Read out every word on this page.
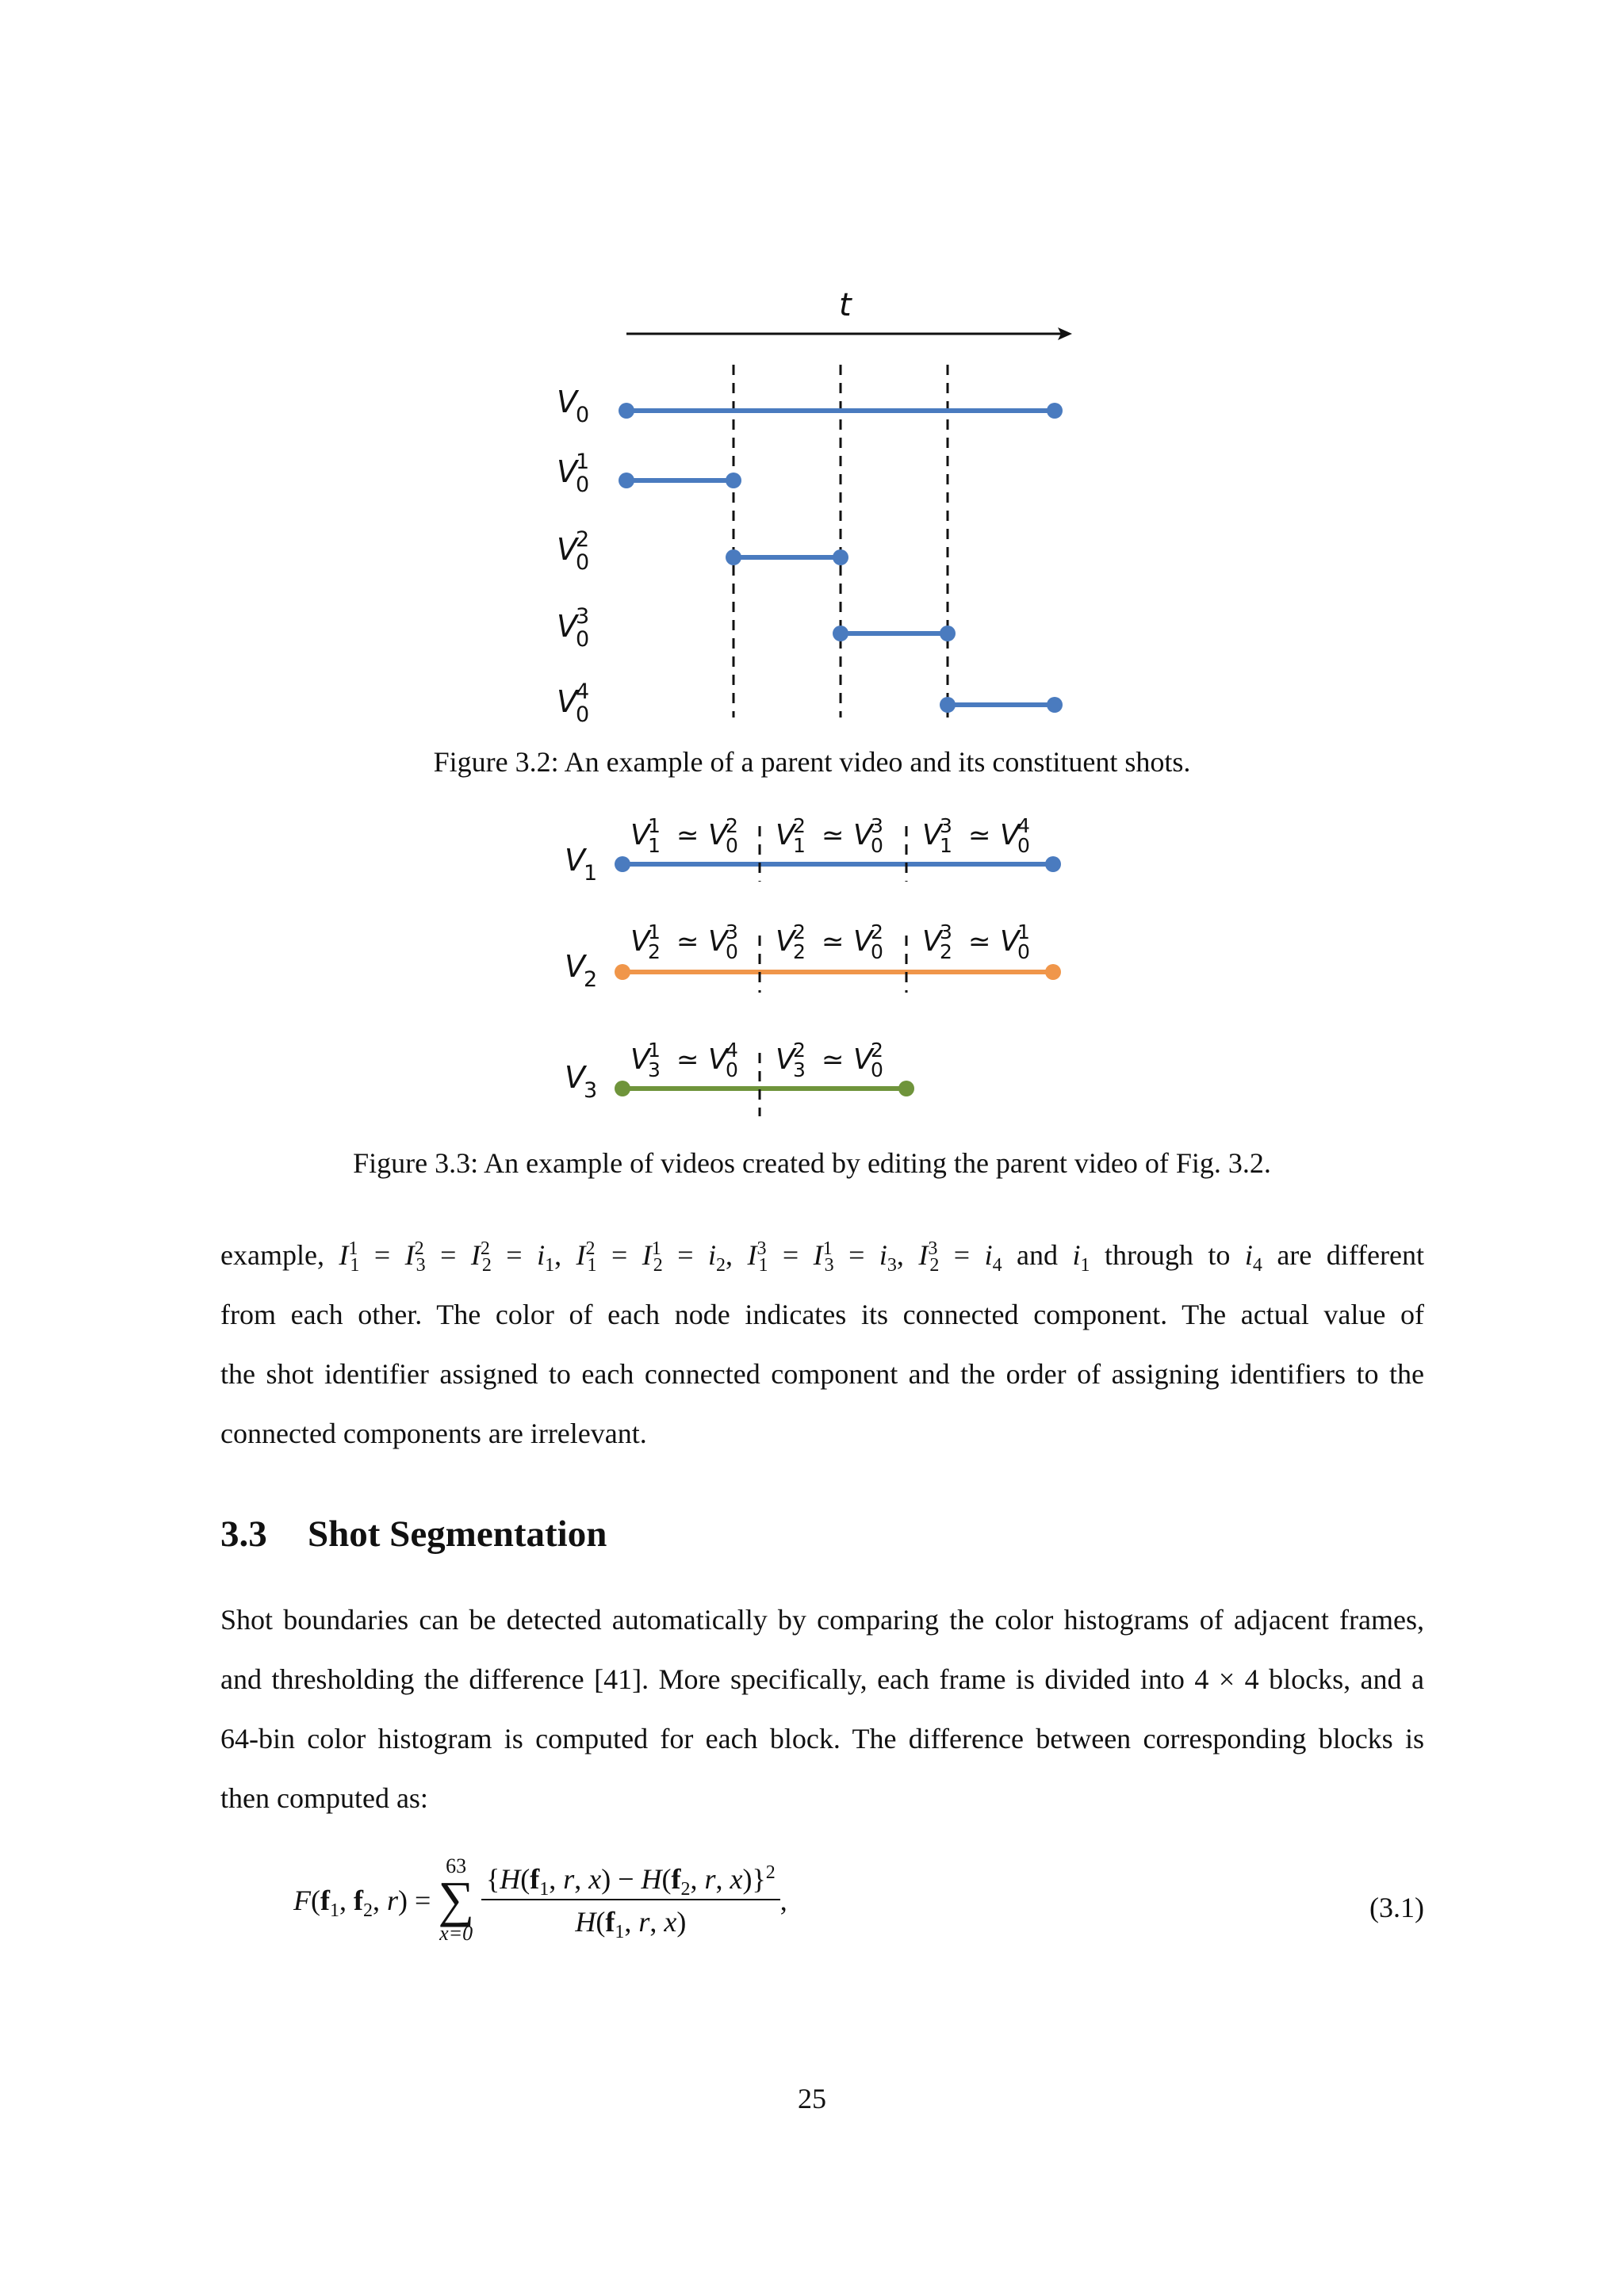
t
V
0
V
1
0
V
2
0
V
3
0
V
4
0
Figure 3.2: An example of a parent video and its constituent shots.
V
1
V
2
V
3
V
1
1 ≃ V
2
0 V
2
1 ≃ V
3
0 V
3
1 ≃ V
4
0
V
1
2 ≃ V
3
0 V
2
2 ≃ V
2
0 V
3
2 ≃ V
1
0
V
1
3 ≃ V
4
0 V
2
3 ≃ V
2
0
Figure 3.3: An example of videos created by editing the parent video of Fig. 3.2.
example, $I^1_1 = I^2_3 = I^2_2 = i_1$, $I^2_1 = I^1_2 = i_2$, $I^3_1 = I^1_3 = i_3$, $I^3_2 = i_4$ and $i_1$ through to $i_4$ are different
from each other. The color of each node indicates its connected component. The actual value of
the shot identifier assigned to each connected component and the order of assigning identifiers to the
connected components are irrelevant.
3.3 Shot Segmentation
Shot boundaries can be detected automatically by comparing the color histograms of adjacent frames,
and thresholding the difference [41]. More specifically, each frame is divided into 4 × 4 blocks, and a
64-bin color histogram is computed for each block. The difference between corresponding blocks is
then computed as:
$F(f_1$, $f_2$, r) =
63
∑
x=0
$\frac{\{H(f_1, r, x) - H(f_2, r, x)\}^2}{H(f_1, r, x)}$ ,	(3.1)
25
